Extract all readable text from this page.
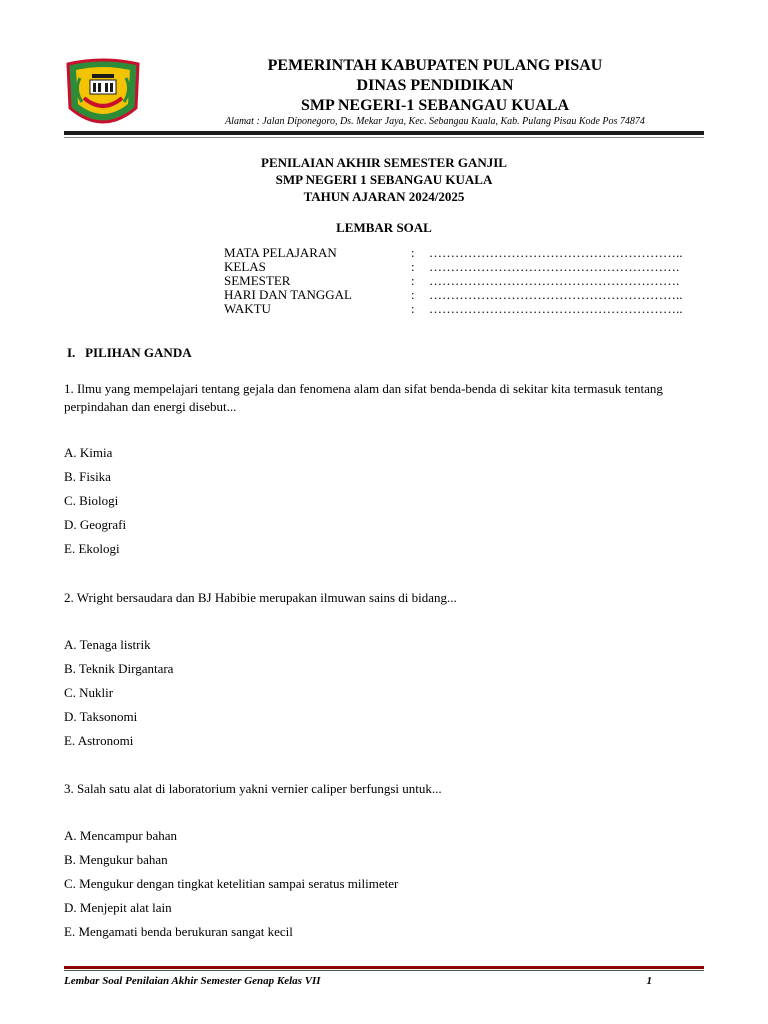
PEMERINTAH KABUPATEN PULANG PISAU
DINAS PENDIDIKAN
SMP NEGERI-1 SEBANGAU KUALA
Alamat : Jalan Diponegoro, Ds. Mekar Jaya, Kec. Sebangau Kuala, Kab. Pulang Pisau Kode Pos 74874
PENILAIAN AKHIR SEMESTER GANJIL
SMP NEGERI 1 SEBANGAU KUALA
TAHUN AJARAN 2024/2025
LEMBAR SOAL
MATA PELAJARAN	:	…………………………………………………..
KELAS	:	………………………………………………….
SEMESTER	:	………………………………………………….
HARI DAN TANGGAL	:	…………………………………………………..
WAKTU	:	…………………………………………………..
I. PILIHAN GANDA
1. Ilmu yang mempelajari tentang gejala dan fenomena alam dan sifat benda-benda di sekitar kita termasuk tentang perpindahan dan energi disebut...
A. Kimia
B. Fisika
C. Biologi
D. Geografi
E. Ekologi
2. Wright bersaudara dan BJ Habibie merupakan ilmuwan sains di bidang...
A. Tenaga listrik
B. Teknik Dirgantara
C. Nuklir
D. Taksonomi
E. Astronomi
3. Salah satu alat di laboratorium yakni vernier caliper berfungsi untuk...
A. Mencampur bahan
B. Mengukur bahan
C. Mengukur dengan tingkat ketelitian sampai seratus milimeter
D. Menjepit alat lain
E. Mengamati benda berukuran sangat kecil
Lembar Soal Penilaian Akhir Semester Genap Kelas VII	1
